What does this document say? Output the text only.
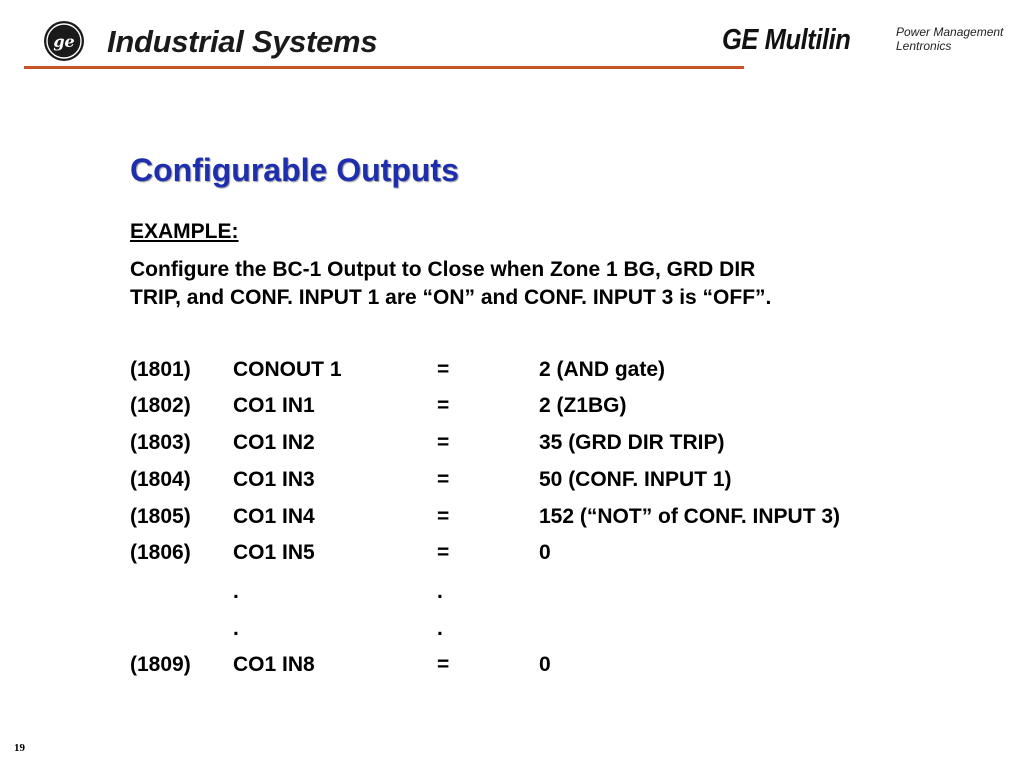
ge Industrial Systems	GE Multilin	Power Management
Lentronics
Configurable Outputs
EXAMPLE:
Configure the BC-1 Output to Close when Zone 1 BG, GRD DIR
TRIP, and CONF. INPUT 1 are “ON” and CONF. INPUT 3 is “OFF”.
(1801) CONOUT 1	=	2 (AND gate)
(1802) CO1 IN1	=	2 (Z1BG)
(1803) CO1 IN2	=	35 (GRD DIR TRIP)
(1804) CO1 IN3	=	50 (CONF. INPUT 1)
(1805) CO1 IN4	=	152 (“NOT” of CONF. INPUT 3)
(1806) CO1 IN5	=	0
.	.
.	.
(1809) CO1 IN8	=	0
19
